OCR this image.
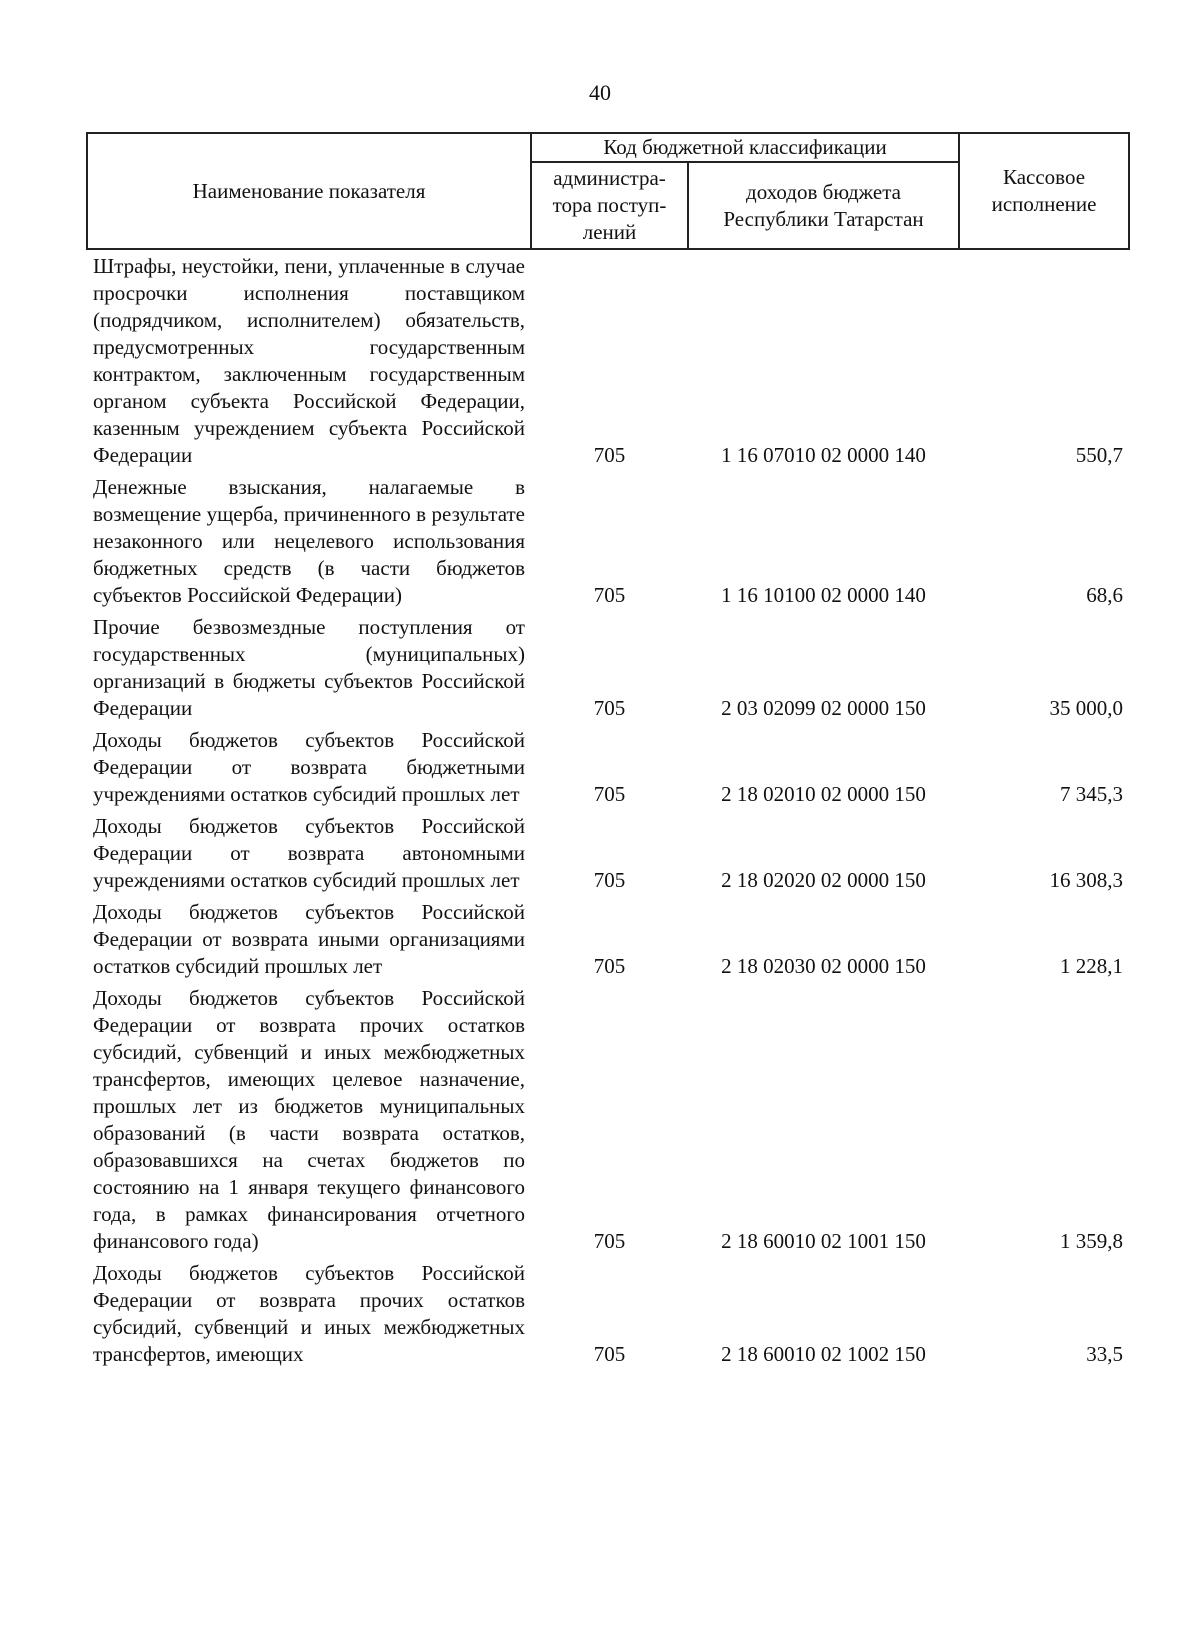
40
Наименование показателя	Код бюджетной классификации		Кассовое исполнение
	администра-тора поступ-лений	доходов бюджета Республики Татарстан	
Штрафы, неустойки, пени, уплаченные в случае просрочки исполнения поставщиком (подрядчиком, исполнителем) обязательств, предусмотренных государственным контрактом, заключенным государственным органом субъекта Российской Федерации, казенным учреждением субъекта Российской Федерации	705	1 16 07010 02 0000 140	550,7
Денежные взыскания, налагаемые в возмещение ущерба, причиненного в результате незаконного или нецелевого использования бюджетных средств (в части бюджетов субъектов Российской Федерации)	705	1 16 10100 02 0000 140	68,6
Прочие безвозмездные поступления от государственных (муниципальных) организаций в бюджеты субъектов Российской Федерации	705	2 03 02099 02 0000 150	35 000,0
Доходы бюджетов субъектов Российской Федерации от возврата бюджетными учреждениями остатков субсидий прошлых лет	705	2 18 02010 02 0000 150	7 345,3
Доходы бюджетов субъектов Российской Федерации от возврата автономными учреждениями остатков субсидий прошлых лет	705	2 18 02020 02 0000 150	16 308,3
Доходы бюджетов субъектов Российской Федерации от возврата иными организациями остатков субсидий прошлых лет	705	2 18 02030 02 0000 150	1 228,1
Доходы бюджетов субъектов Российской Федерации от возврата прочих остатков субсидий, субвенций и иных межбюджетных трансфертов, имеющих целевое назначение, прошлых лет из бюджетов муниципальных образований (в части возврата остатков, образовавшихся на счетах бюджетов по состоянию на 1 января текущего финансового года, в рамках финансирования отчетного финансового года)	705	2 18 60010 02 1001 150	1 359,8
Доходы бюджетов субъектов Российской Федерации от возврата прочих остатков субсидий, субвенций и иных межбюджетных трансфертов, имеющих	705	2 18 60010 02 1002 150	33,5
